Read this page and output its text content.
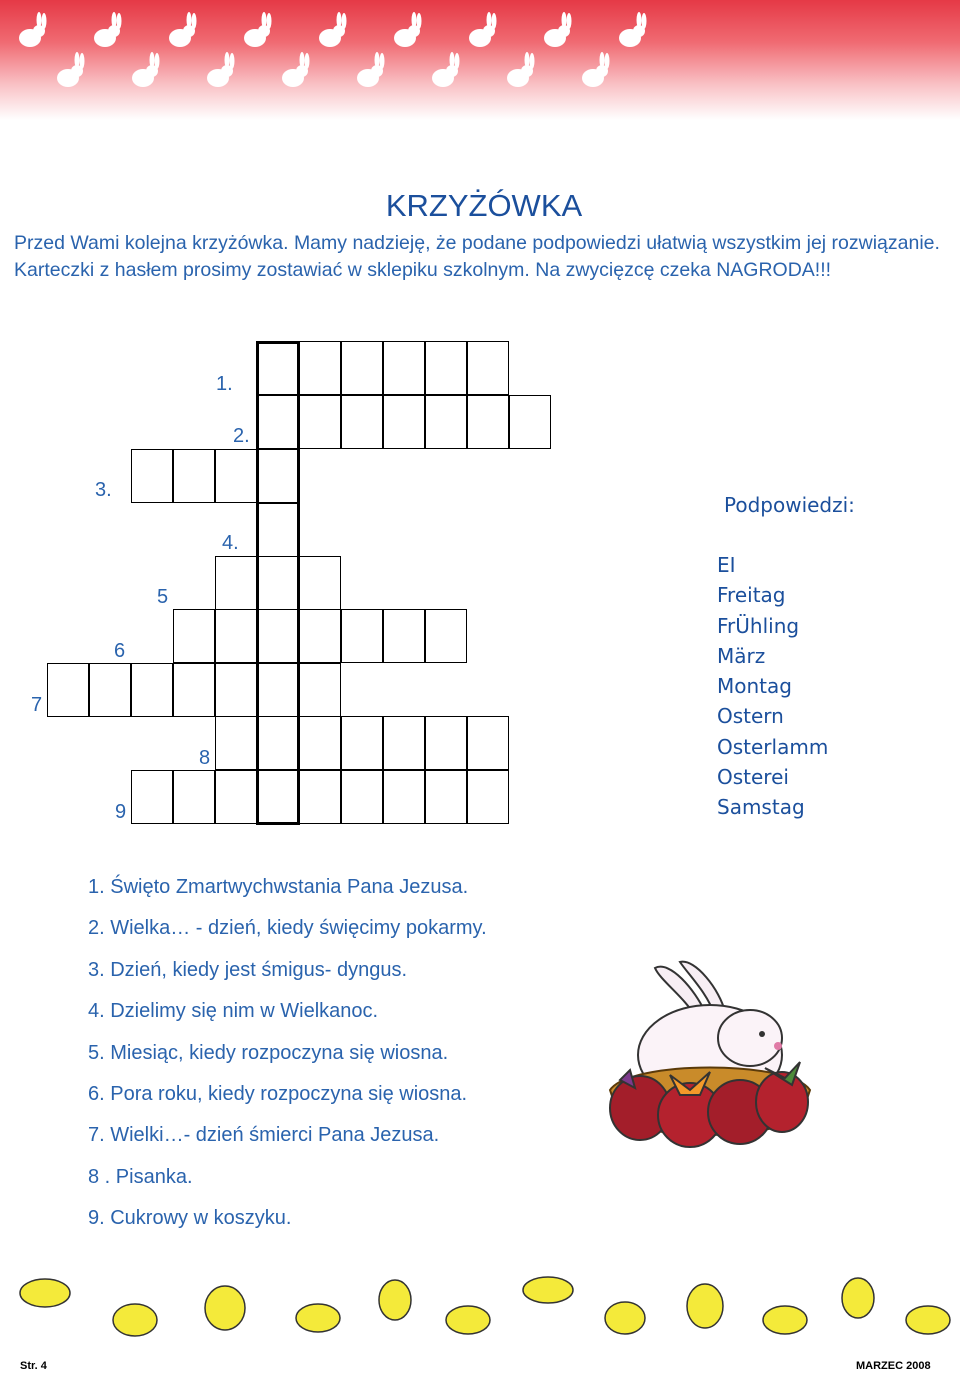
KRZYŻÓWKA
Przed Wami kolejna krzyżówka. Mamy nadzieję, że podane podpowiedzi ułatwią wszystkim jej rozwiązanie. Karteczki z hasłem prosimy zostawiać w sklepiku szkolnym. Na zwycięzcę czeka NAGRODA!!!
1.
2.
3.
4.
5
6
7
8
9
Podpowiedzi:
EI
Freitag
FrÜhling
März
Montag
Ostern
Osterlamm
Osterei
Samstag
1. Święto Zmartwychwstania Pana Jezusa.
2. Wielka… - dzień, kiedy święcimy pokarmy.
3. Dzień, kiedy jest śmigus- dyngus.
4. Dzielimy się nim w Wielkanoc.
5. Miesiąc, kiedy rozpoczyna się wiosna.
6. Pora roku, kiedy rozpoczyna się wiosna.
7. Wielki…- dzień śmierci Pana Jezusa.
8 . Pisanka.
9. Cukrowy w koszyku.
Str. 4	MARZEC 2008
